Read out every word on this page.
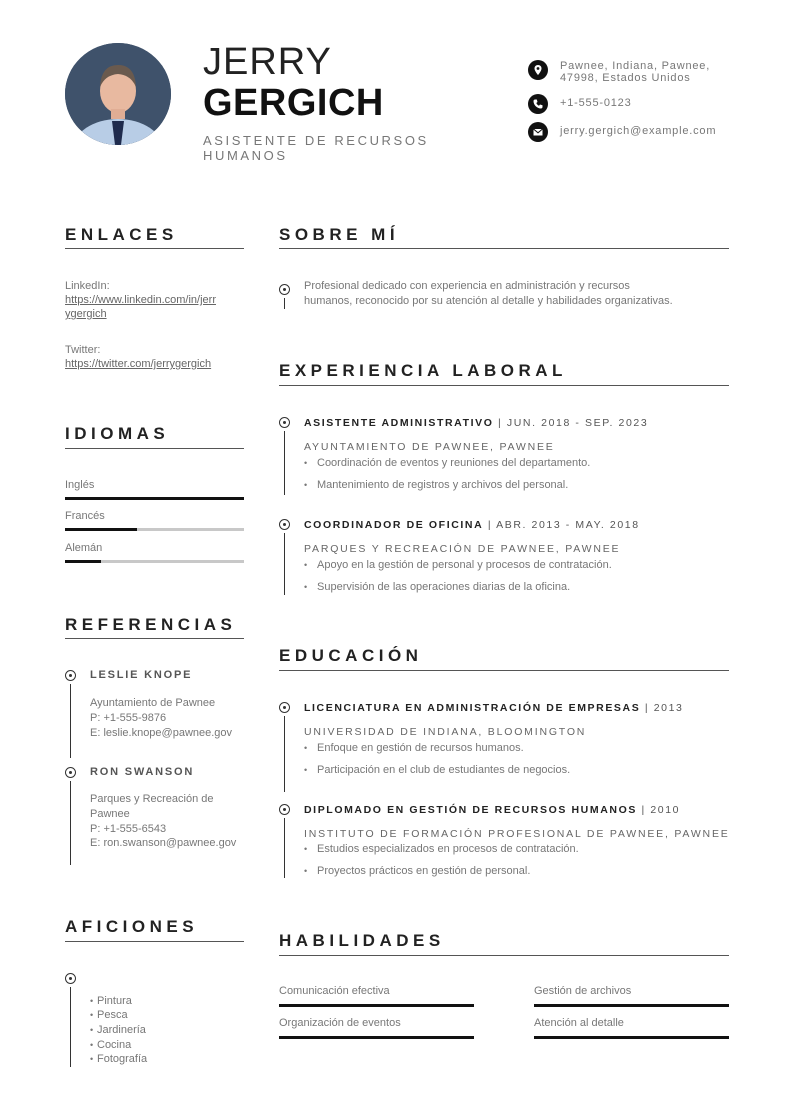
JERRY
GERGICH
ASISTENTE DE RECURSOS HUMANOS
Pawnee, Indiana, Pawnee, 47998, Estados Unidos
+1-555-0123
jerry.gergich@example.com
ENLACES
LinkedIn:
https://www.linkedin.com/in/jerr
ygergich
Twitter:
https://twitter.com/jerrygergich
IDIOMAS
Inglés
Francés
Alemán
REFERENCIAS
LESLIE KNOPE
Ayuntamiento de Pawnee
P: +1-555-9876
E: leslie.knope@pawnee.gov
RON SWANSON
Parques y Recreación de Pawnee
P: +1-555-6543
E: ron.swanson@pawnee.gov
AFICIONES
• Pintura
• Pesca
• Jardinería
• Cocina
• Fotografía
SOBRE MÍ
Profesional dedicado con experiencia en administración y recursos
humanos, reconocido por su atención al detalle y habilidades organizativas.
EXPERIENCIA LABORAL
ASISTENTE ADMINISTRATIVO | JUN. 2018 - SEP. 2023
AYUNTAMIENTO DE PAWNEE, PAWNEE
• Coordinación de eventos y reuniones del departamento.
• Mantenimiento de registros y archivos del personal.
COORDINADOR DE OFICINA | ABR. 2013 - MAY. 2018
PARQUES Y RECREACIÓN DE PAWNEE, PAWNEE
• Apoyo en la gestión de personal y procesos de contratación.
• Supervisión de las operaciones diarias de la oficina.
EDUCACIÓN
LICENCIATURA EN ADMINISTRACIÓN DE EMPRESAS | 2013
UNIVERSIDAD DE INDIANA, BLOOMINGTON
• Enfoque en gestión de recursos humanos.
• Participación en el club de estudiantes de negocios.
DIPLOMADO EN GESTIÓN DE RECURSOS HUMANOS | 2010
INSTITUTO DE FORMACIÓN PROFESIONAL DE PAWNEE, PAWNEE
• Estudios especializados en procesos de contratación.
• Proyectos prácticos en gestión de personal.
HABILIDADES
Comunicación efectiva	Gestión de archivos
Organización de eventos	Atención al detalle
